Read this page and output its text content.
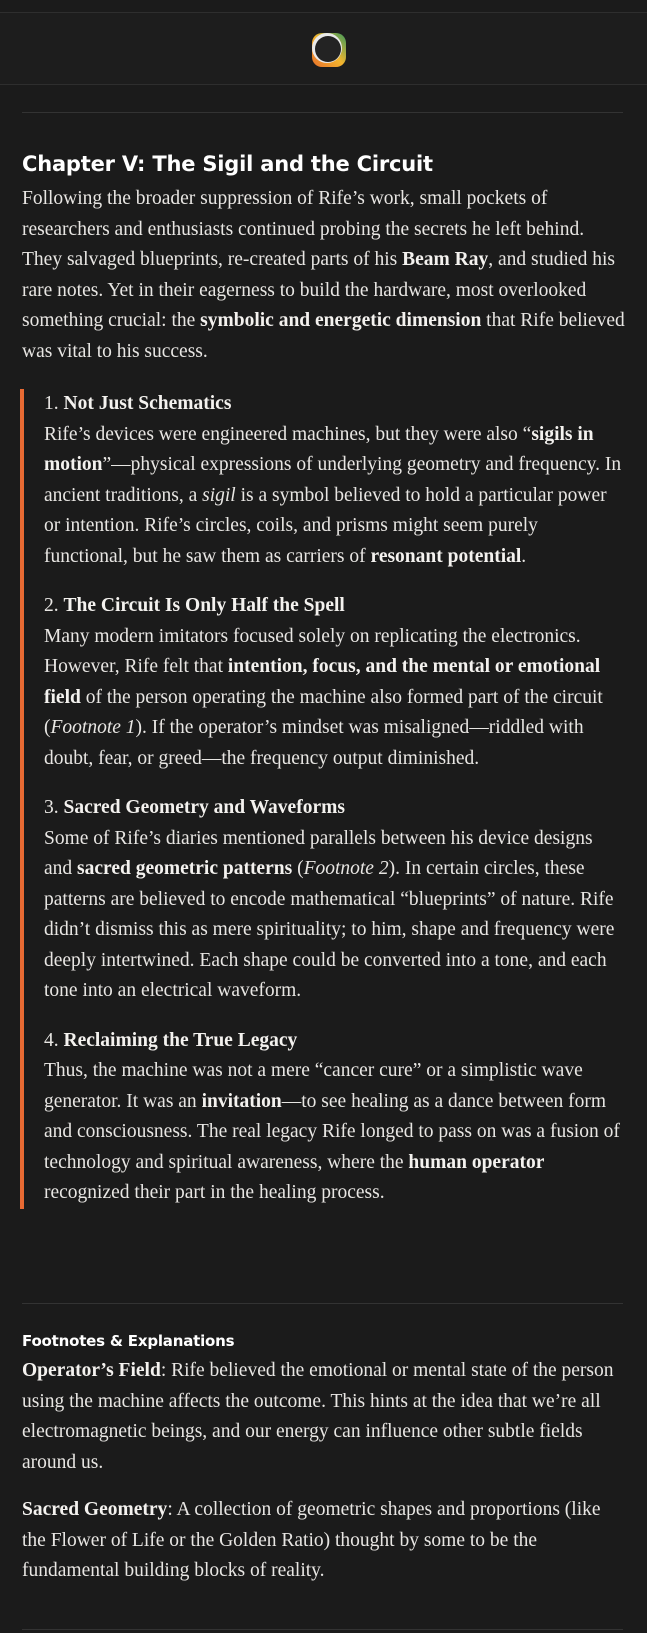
Chapter V: The Sigil and the Circuit

Following the broader suppression of Rife’s work, small pockets of researchers and enthusiasts continued probing the secrets he left behind. They salvaged blueprints, re-created parts of his Beam Ray, and studied his rare notes. Yet in their eagerness to build the hardware, most overlooked something crucial: the symbolic and energetic dimension that Rife believed was vital to his success.

1. Not Just Schematics

Rife’s devices were engineered machines, but they were also “sigils in motion”—physical expressions of underlying geometry and frequency. In ancient traditions, a sigil is a symbol believed to hold a particular power or intention. Rife’s circles, coils, and prisms might seem purely functional, but he saw them as carriers of resonant potential.

2. The Circuit Is Only Half the Spell

Many modern imitators focused solely on replicating the electronics. However, Rife felt that intention, focus, and the mental or emotional field of the person operating the machine also formed part of the circuit (Footnote 1). If the operator’s mindset was misaligned—riddled with doubt, fear, or greed—the frequency output diminished.

3. Sacred Geometry and Waveforms

Some of Rife’s diaries mentioned parallels between his device designs and sacred geometric patterns (Footnote 2). In certain circles, these patterns are believed to encode mathematical “blueprints” of nature. Rife didn’t dismiss this as mere spirituality; to him, shape and frequency were deeply intertwined. Each shape could be converted into a tone, and each tone into an electrical waveform.

4. Reclaiming the True Legacy

Thus, the machine was not a mere “cancer cure” or a simplistic wave generator. It was an invitation—to see healing as a dance between form and consciousness. The real legacy Rife longed to pass on was a fusion of technology and spiritual awareness, where the human operator recognized their part in the healing process.

Footnotes & Explanations

Operator’s Field: Rife believed the emotional or mental state of the person using the machine affects the outcome. This hints at the idea that we’re all electromagnetic beings, and our energy can influence other subtle fields around us.

Sacred Geometry: A collection of geometric shapes and proportions (like the Flower of Life or the Golden Ratio) thought by some to be the fundamental building blocks of reality.
